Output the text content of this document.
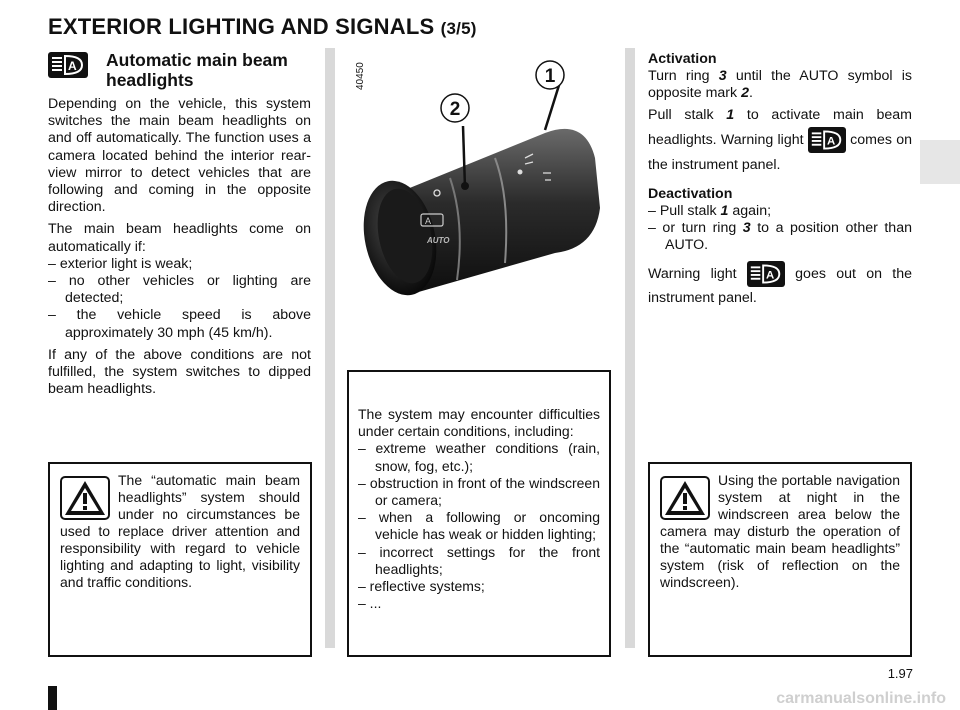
EXTERIOR LIGHTING AND SIGNALS (3/5)
A Automatic main beam headlights

Depending on the vehicle, this system switches the main beam headlights on and off automatically. The function uses a camera located behind the interior rear-view mirror to detect vehicles that are following and coming in the opposite direction.

The main beam headlights come on automatically if:

– exterior light is weak;
– no other vehicles or lighting are detected;
– the vehicle speed is above approximately 30 mph (45 km/h).

If any of the above conditions are not fulfilled, the system switches to dipped beam headlights.

The “automatic main beam headlights” system should under no circumstances be used to replace driver attention and responsibility with regard to vehicle lighting and adapting to light, visibility and traffic conditions.
A
AUTO
1
2
40450
The system may encounter difficulties under certain conditions, including:
– extreme weather conditions (rain, snow, fog, etc.);
– obstruction in front of the windscreen or camera;
– when a following or oncoming vehicle has weak or hidden lighting;
– incorrect settings for the front headlights;
– reflective systems;
– ...
Activation
Turn ring 3 until the AUTO symbol is opposite mark 2.
Pull stalk 1 to activate main beam headlights. Warning light A comes on the instrument panel.
Deactivation
– Pull stalk 1 again;
– or turn ring 3 to a position other than AUTO.
Warning light A goes out on the instrument panel.
Using the portable navigation system at night in the windscreen area below the camera may disturb the operation of the “automatic main beam headlights” system (risk of reflection on the windscreen).
1.97
carmanualsonline.info
